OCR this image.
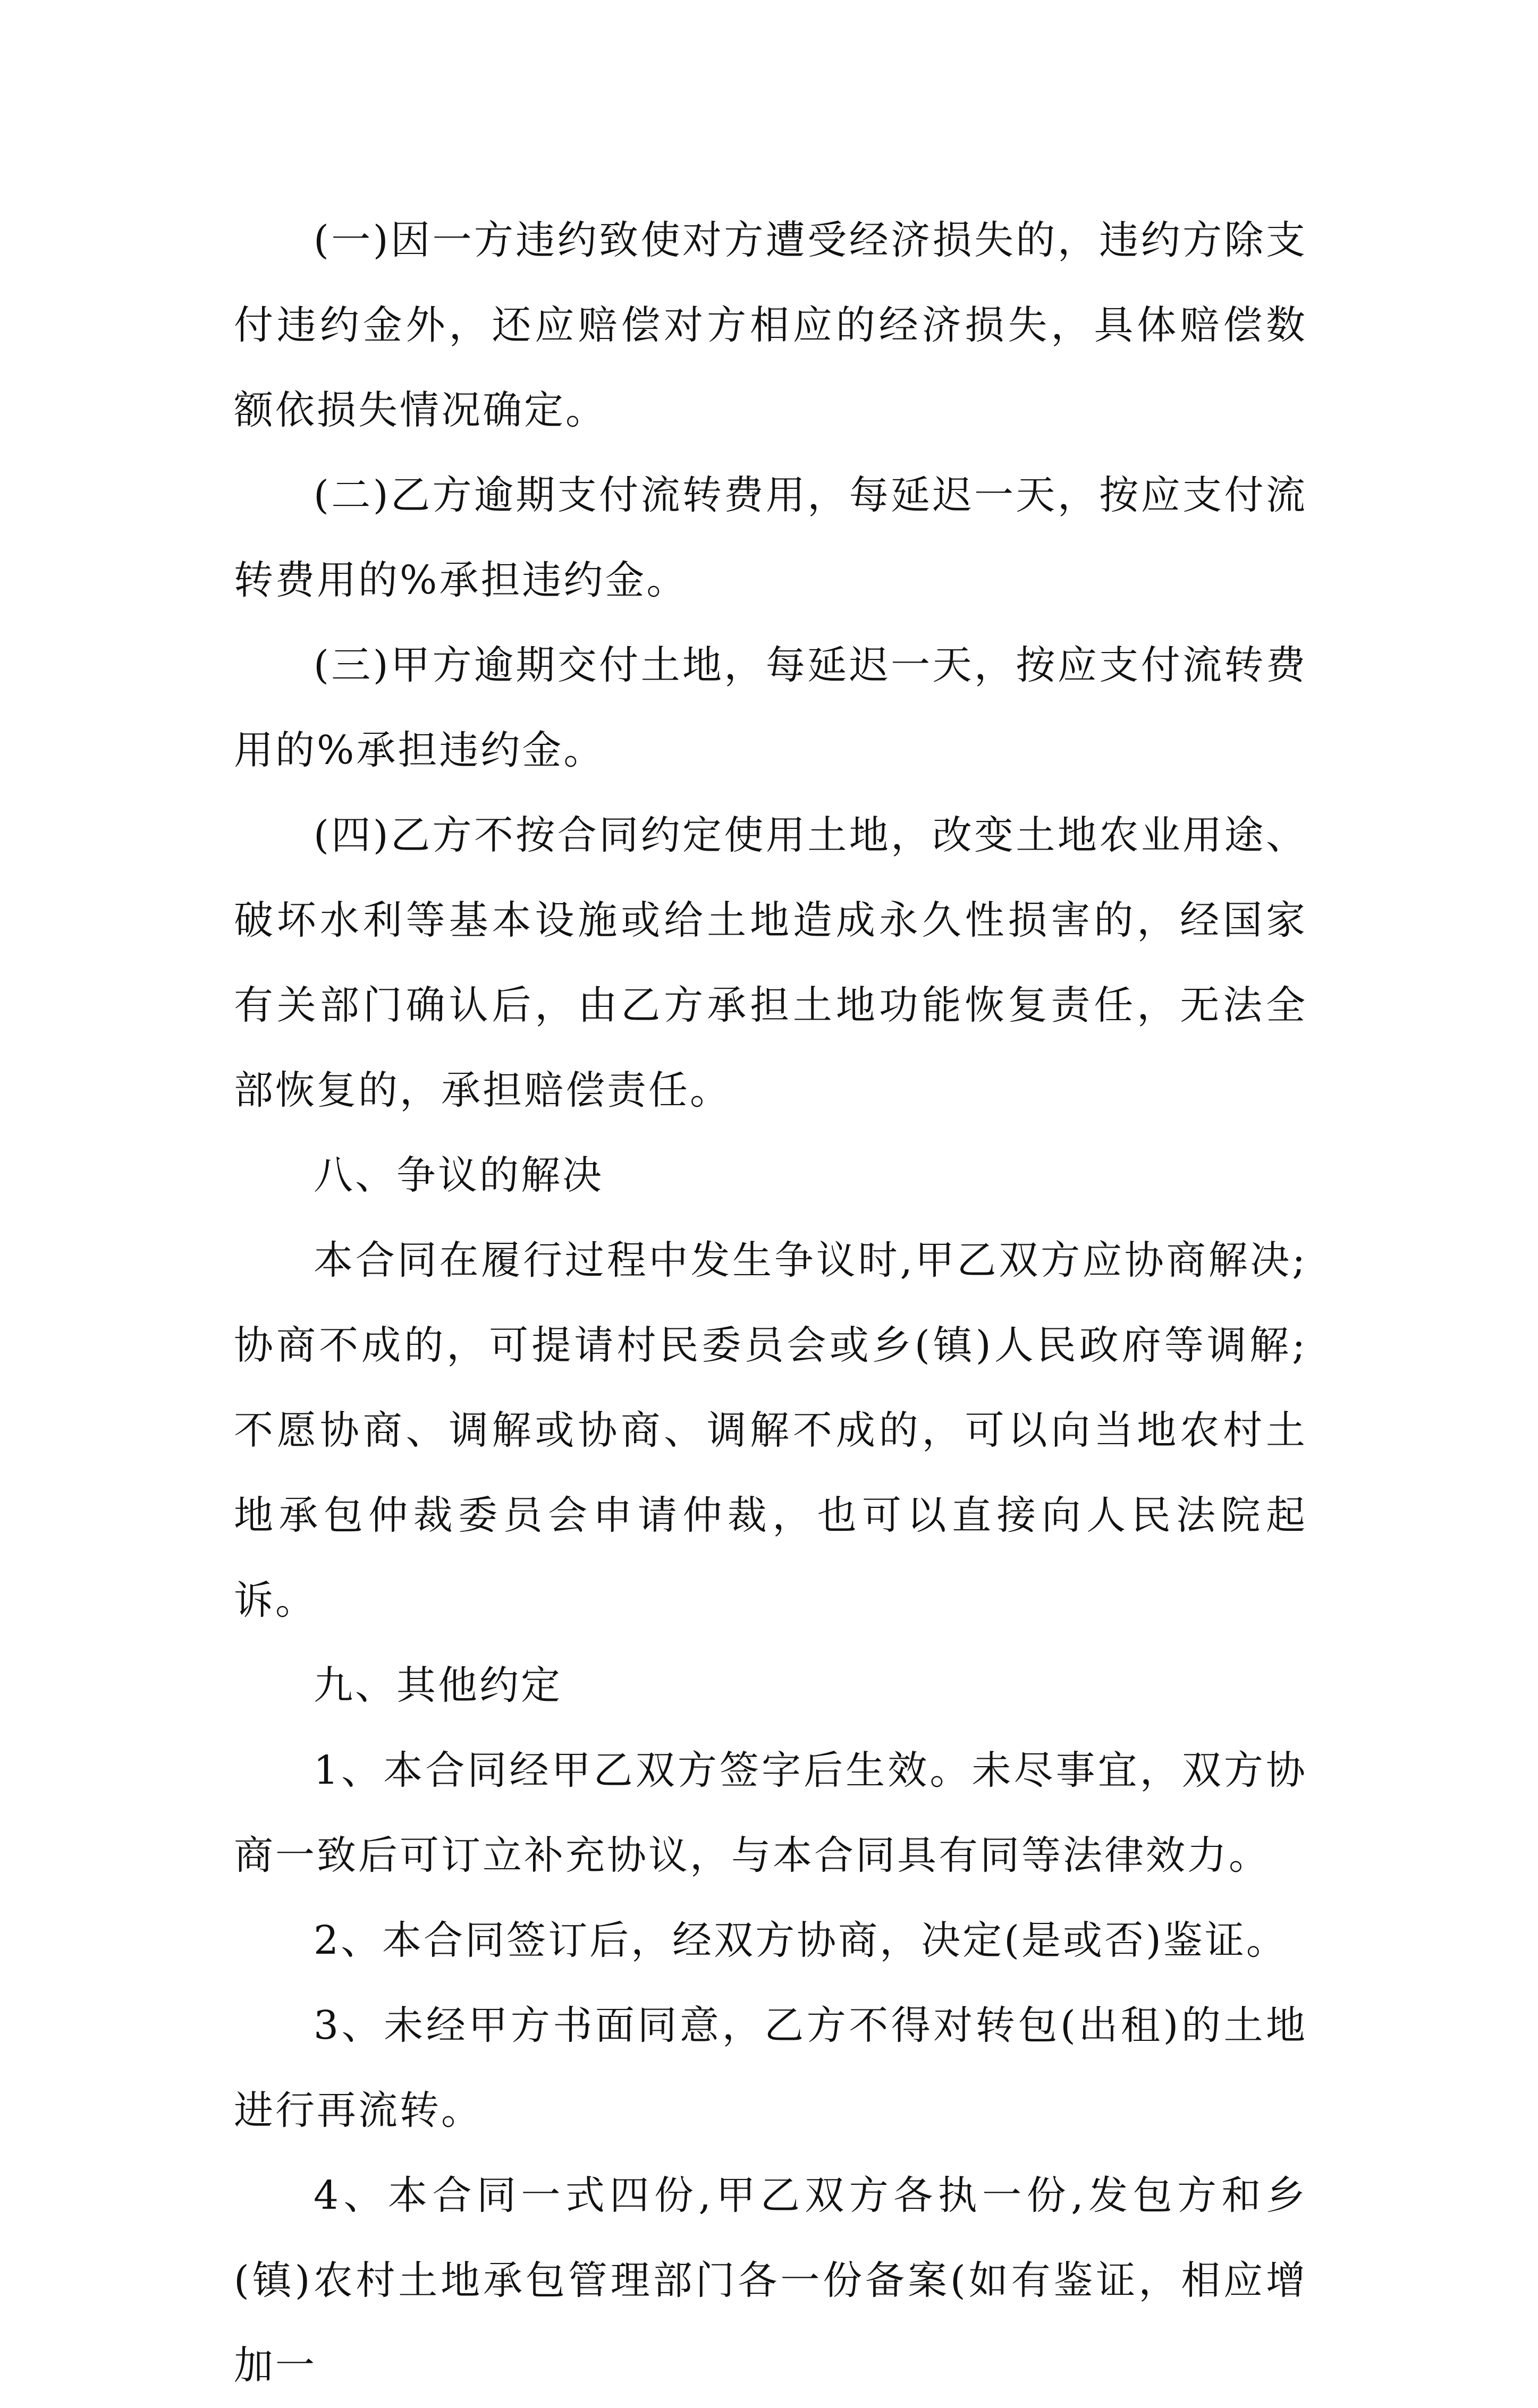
(一)因一方违约致使对方遭受经济损失的，违约方除支付违约金外，还应赔偿对方相应的经济损失，具体赔偿数额依损失情况确定。

(二)乙方逾期支付流转费用，每延迟一天，按应支付流转费用的%承担违约金。

(三)甲方逾期交付土地，每延迟一天，按应支付流转费用的%承担违约金。

(四)乙方不按合同约定使用土地，改变土地农业用途、破坏水利等基本设施或给土地造成永久性损害的，经国家有关部门确认后，由乙方承担土地功能恢复责任，无法全部恢复的，承担赔偿责任。

八、争议的解决

本合同在履行过程中发生争议时,甲乙双方应协商解决;协商不成的，可提请村民委员会或乡(镇)人民政府等调解;不愿协商、调解或协商、调解不成的，可以向当地农村土地承包仲裁委员会申请仲裁，也可以直接向人民法院起诉。

九、其他约定

1、本合同经甲乙双方签字后生效。未尽事宜，双方协商一致后可订立补充协议，与本合同具有同等法律效力。

2、本合同签订后，经双方协商，决定(是或否)鉴证。

3、未经甲方书面同意，乙方不得对转包(出租)的土地进行再流转。

4、本合同一式四份,甲乙双方各执一份,发包方和乡(镇)农村土地承包管理部门各一份备案(如有鉴证，相应增加一
